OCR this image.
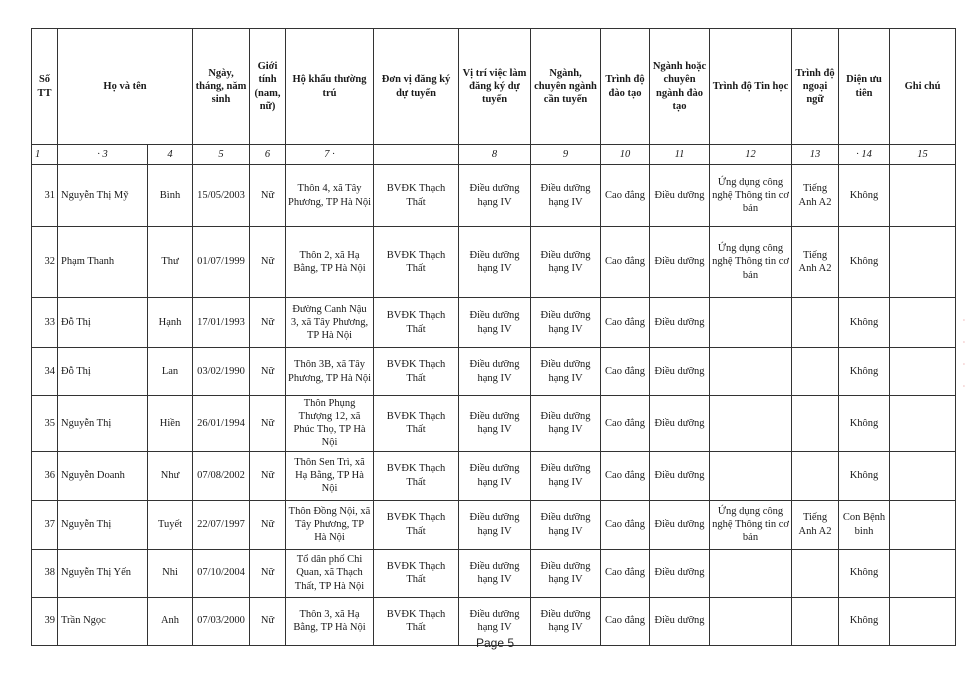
Số TT	Họ và tên		Ngày, tháng, năm sinh	Giới tính (nam, nữ)	Hộ khẩu thường trú	Đơn vị đăng ký dự tuyển	Vị trí việc làm đăng ký dự tuyển	Ngành, chuyên ngành cần tuyển	Trình độ đào tạo	Ngành hoặc chuyên ngành đào tạo	Trình độ Tin học	Trình độ ngoại ngữ	Diện ưu tiên	Ghi chú
1	· 3	4	5	6	7 ·		8	9	10	11	12	13	· 14	15
31	Nguyễn Thị Mỹ	Bình	15/05/2003	Nữ	Thôn 4, xã Tây Phương, TP Hà Nội	BVĐK Thạch Thất	Điều dưỡng hạng IV	Điều dưỡng hạng IV	Cao đẳng	Điều dưỡng	Ứng dụng công nghệ Thông tin cơ bản	Tiếng Anh A2	Không	
32	Phạm Thanh	Thư	01/07/1999	Nữ	Thôn 2, xã Hạ Bằng, TP Hà Nội	BVĐK Thạch Thất	Điều dưỡng hạng IV	Điều dưỡng hạng IV	Cao đẳng	Điều dưỡng	Ứng dụng công nghệ Thông tin cơ bản	Tiếng Anh A2	Không	
33	Đỗ Thị	Hạnh	17/01/1993	Nữ	Đường Canh Nậu 3, xã Tây Phương, TP Hà Nội	BVĐK Thạch Thất	Điều dưỡng hạng IV	Điều dưỡng hạng IV	Cao đẳng	Điều dưỡng			Không	
34	Đỗ Thị	Lan	03/02/1990	Nữ	Thôn 3B, xã Tây Phương, TP Hà Nội	BVĐK Thạch Thất	Điều dưỡng hạng IV	Điều dưỡng hạng IV	Cao đẳng	Điều dưỡng			Không	
35	Nguyễn Thị	Hiền	26/01/1994	Nữ	Thôn Phụng Thượng 12, xã Phúc Thọ, TP Hà Nội	BVĐK Thạch Thất	Điều dưỡng hạng IV	Điều dưỡng hạng IV	Cao đẳng	Điều dưỡng			Không	
36	Nguyễn Doanh	Như	07/08/2002	Nữ	Thôn Sen Trì, xã Hạ Bằng, TP Hà Nội	BVĐK Thạch Thất	Điều dưỡng hạng IV	Điều dưỡng hạng IV	Cao đẳng	Điều dưỡng			Không	
37	Nguyễn Thị	Tuyết	22/07/1997	Nữ	Thôn Đồng Nội, xã Tây Phương, TP Hà Nội	BVĐK Thạch Thất	Điều dưỡng hạng IV	Điều dưỡng hạng IV	Cao đẳng	Điều dưỡng	Ứng dụng công nghệ Thông tin cơ bản	Tiếng Anh A2	Con Bệnh binh	
38	Nguyễn Thị Yến	Nhi	07/10/2004	Nữ	Tổ dân phố Chi Quan, xã Thạch Thất, TP Hà Nội	BVĐK Thạch Thất	Điều dưỡng hạng IV	Điều dưỡng hạng IV	Cao đẳng	Điều dưỡng			Không	
39	Trần Ngọc	Anh	07/03/2000	Nữ	Thôn 3, xã Hạ Bằng, TP Hà Nội	BVĐK Thạch Thất	Điều dưỡng hạng IV	Điều dưỡng hạng IV	Cao đẳng	Điều dưỡng			Không	
Page 5
·
·
·
·
